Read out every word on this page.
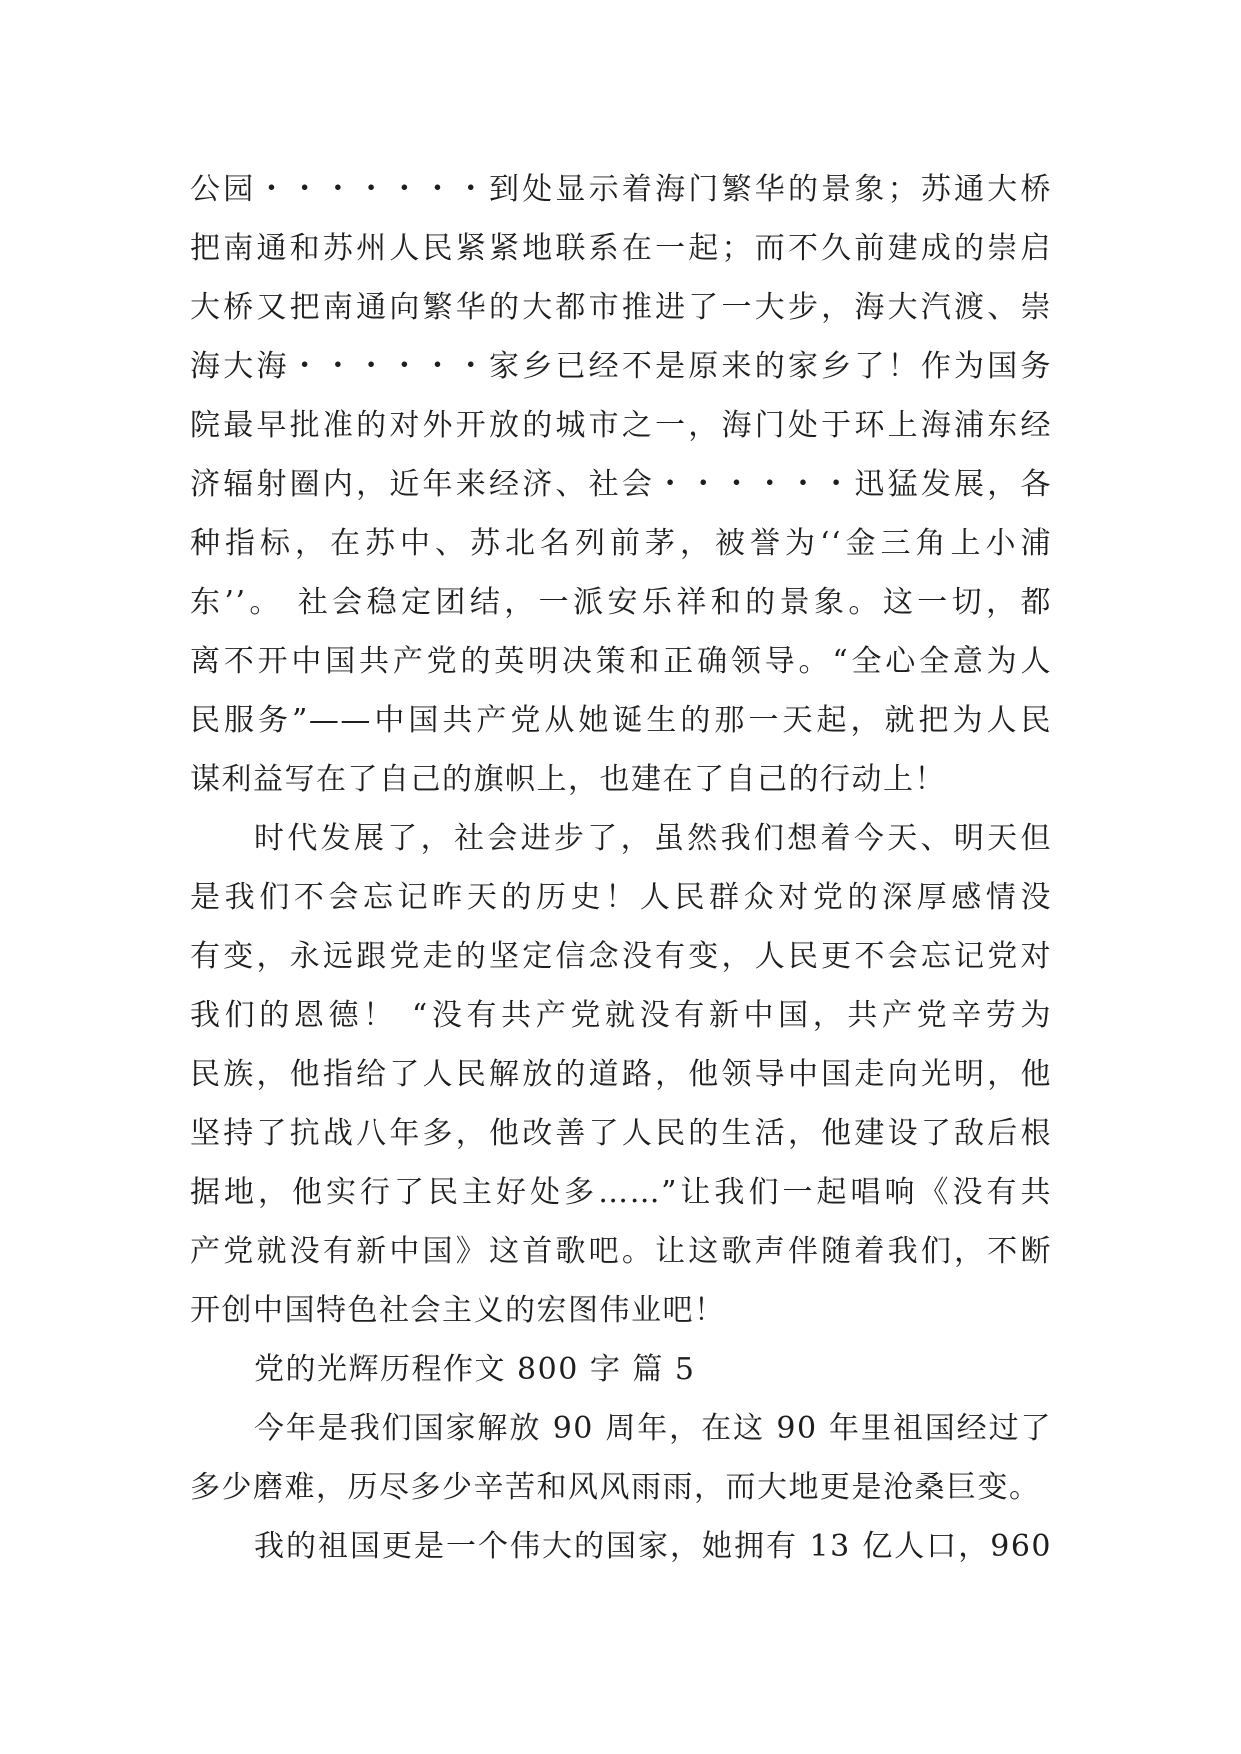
公园・・・・・・・到处显示着海门繁华的景象；苏通大桥
把南通和苏州人民紧紧地联系在一起；而不久前建成的崇启
大桥又把南通向繁华的大都市推进了一大步，海大汽渡、崇
海大海・・・・・・家乡已经不是原来的家乡了！作为国务
院最早批准的对外开放的城市之一，海门处于环上海浦东经
济辐射圈内，近年来经济、社会・・・・・・迅猛发展，各
种指标，在苏中、苏北名列前茅，被誉为‘‘金三角上小浦
东’’。 社会稳定团结，一派安乐祥和的景象。这一切，都
离不开中国共产党的英明决策和正确领导。“全心全意为人
民服务”——中国共产党从她诞生的那一天起，就把为人民
谋利益写在了自己的旗帜上，也建在了自己的行动上！
时代发展了，社会进步了，虽然我们想着今天、明天但
是我们不会忘记昨天的历史！人民群众对党的深厚感情没
有变，永远跟党走的坚定信念没有变，人民更不会忘记党对
我们的恩德！ “没有共产党就没有新中国，共产党辛劳为
民族，他指给了人民解放的道路，他领导中国走向光明，他
坚持了抗战八年多，他改善了人民的生活，他建设了敌后根
据地，他实行了民主好处多……”让我们一起唱响《没有共
产党就没有新中国》这首歌吧。让这歌声伴随着我们，不断
开创中国特色社会主义的宏图伟业吧！
党的光辉历程作文 800 字 篇 5
今年是我们国家解放 90 周年，在这 90 年里祖国经过了
多少磨难，历尽多少辛苦和风风雨雨，而大地更是沧桑巨变。
我的祖国更是一个伟大的国家，她拥有 13 亿人口，960
